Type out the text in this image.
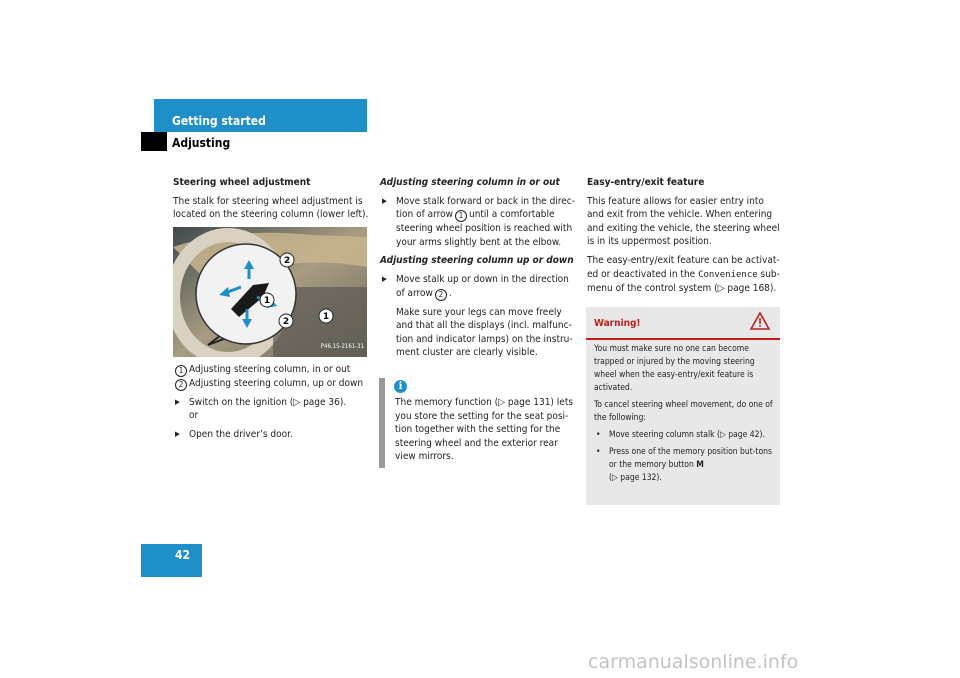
Getting started
Adjusting
Steering wheel adjustment

The stalk for steering wheel adjustment is located on the steering column (lower left).

2
1
2	1
P46.15-2161-31
1 Adjusting steering column, in or out
2 Adjusting steering column, up or down
▶ Switch on the ignition (▷ page 36).
or
▶ Open the driver’s door.
Adjusting steering column in or out
▶ Move stalk forward or back in the direc-tion of arrow 1 until a comfortable steering wheel position is reached with your arms slightly bent at the elbow.
Adjusting steering column up or down
▶ Move stalk up or down in the direction of arrow 2 .

Make sure your legs can move freely and that all the displays (incl. malfunc-tion and indicator lamps) on the instru-ment cluster are clearly visible.

i
The memory function (▷ page 131) lets you store the setting for the seat posi-tion together with the setting for the steering wheel and the exterior rear view mirrors.
Easy-entry/exit feature

This feature allows for easier entry into and exit from the vehicle. When entering and exiting the vehicle, the steering wheel is in its uppermost position.

The easy-entry/exit feature can be activat-ed or deactivated in the Convenience sub-menu of the control system (▷ page 168).

Warning!

You must make sure no one can become trapped or injured by the moving steering wheel when the easy-entry/exit feature is activated.

To cancel steering wheel movement, do one of the following:

• Move steering column stalk (▷ page 42).
• Press one of the memory position but-tons or the memory button M
(▷ page 132).
42
carmanualsonline.info
